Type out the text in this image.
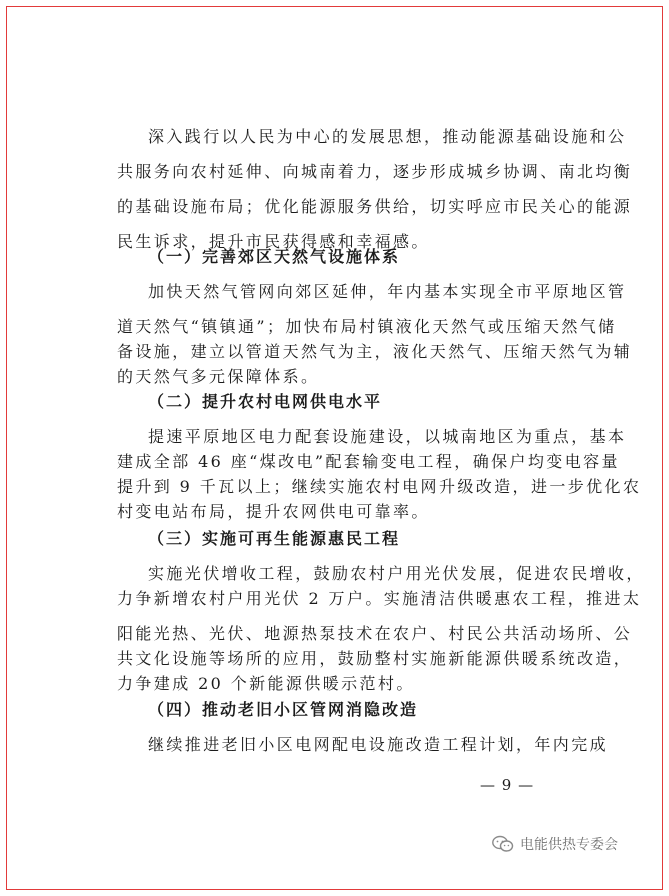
深入践行以人民为中心的发展思想，推动能源基础设施和公
共服务向农村延伸、向城南着力，逐步形成城乡协调、南北均衡
的基础设施布局；优化能源服务供给，切实呼应市民关心的能源
民生诉求，提升市民获得感和幸福感。
（一）完善郊区天然气设施体系
加快天然气管网向郊区延伸，年内基本实现全市平原地区管
道天然气“镇镇通”；加快布局村镇液化天然气或压缩天然气储
备设施，建立以管道天然气为主，液化天然气、压缩天然气为辅
的天然气多元保障体系。
（二）提升农村电网供电水平
提速平原地区电力配套设施建设，以城南地区为重点，基本
建成全部 46 座“煤改电”配套输变电工程，确保户均变电容量
提升到 9 千瓦以上；继续实施农村电网升级改造，进一步优化农
村变电站布局，提升农网供电可靠率。
（三）实施可再生能源惠民工程
实施光伏增收工程，鼓励农村户用光伏发展，促进农民增收，
力争新增农村户用光伏 2 万户。实施清洁供暖惠农工程，推进太
阳能光热、光伏、地源热泵技术在农户、村民公共活动场所、公
共文化设施等场所的应用，鼓励整村实施新能源供暖系统改造，
力争建成 20 个新能源供暖示范村。
（四）推动老旧小区管网消隐改造
继续推进老旧小区电网配电设施改造工程计划，年内完成
— 9 —
电能供热专委会
